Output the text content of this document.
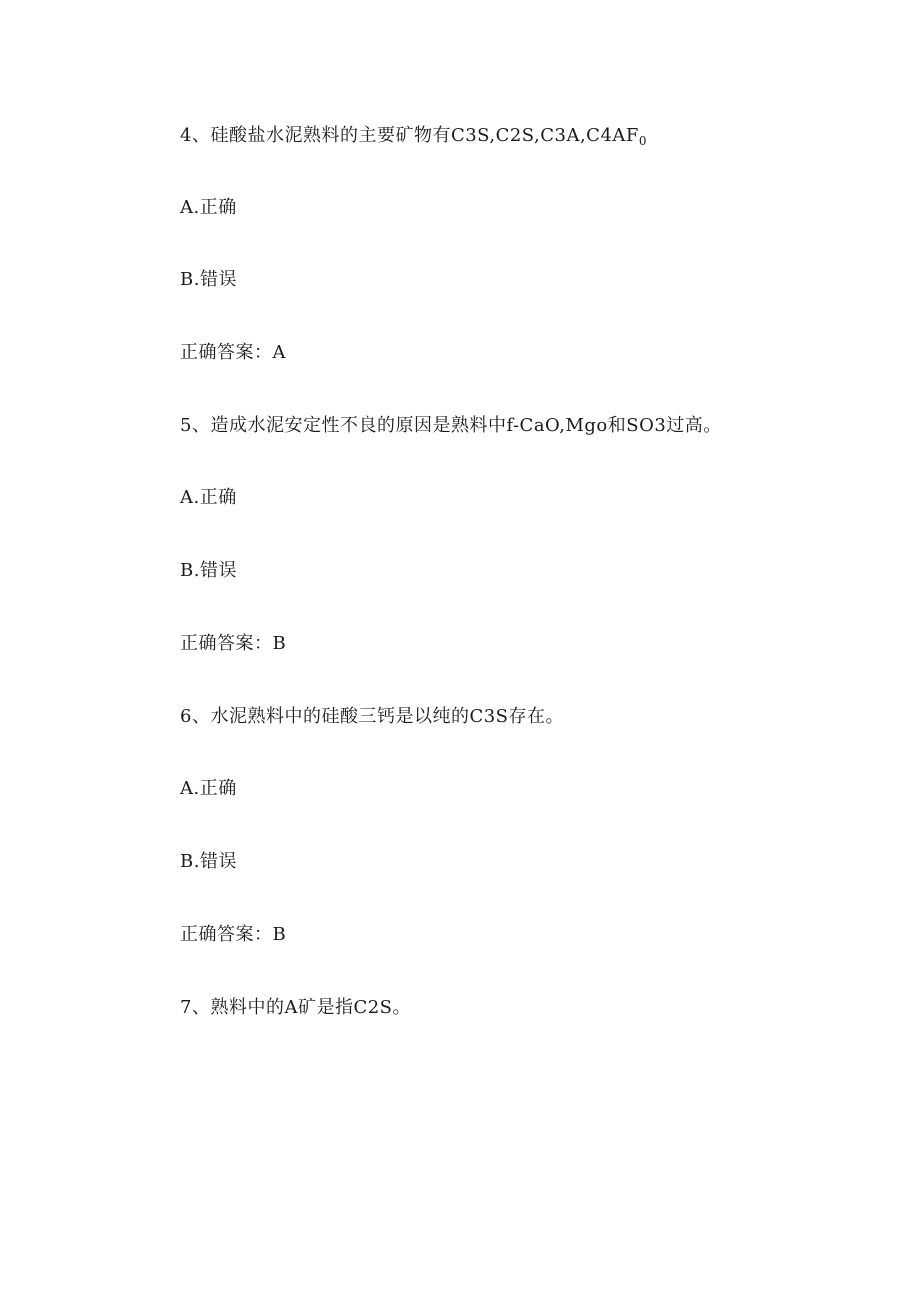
4、硅酸盐水泥熟料的主要矿物有$C3S,C2S,C3A,C4AF_0$
A.正确
B.错误
正确答案：A
5、造成水泥安定性不良的原因是熟料中f-CaO,Mgo和SO3过高。
A.正确
B.错误
正确答案：B
6、水泥熟料中的硅酸三钙是以纯的C3S存在。
A.正确
B.错误
正确答案：B
7、熟料中的A矿是指C2S。
